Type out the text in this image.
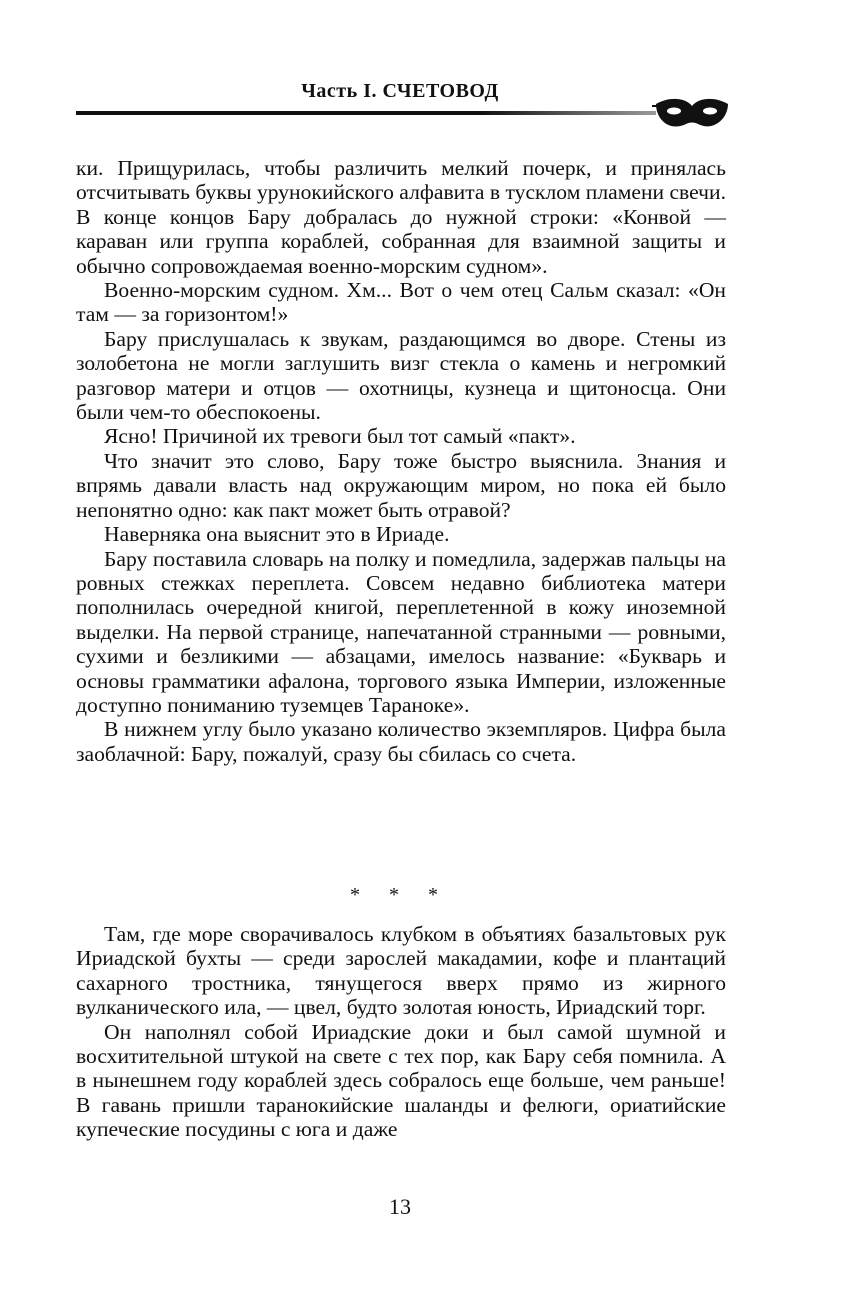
Часть I. СЧЕТОВОД

ки. Прищурилась, чтобы различить мелкий почерк, и принялась отсчитывать буквы урунокийского алфавита в тусклом пламени свечи. В конце концов Бару добралась до нужной строки: «Конвой — караван или группа кораблей, собранная для взаимной защиты и обычно сопровождаемая военно-морским судном».

Военно-морским судном. Хм... Вот о чем отец Сальм сказал: «Он там — за горизонтом!»

Бару прислушалась к звукам, раздающимся во дворе. Стены из золобетона не могли заглушить визг стекла о камень и негромкий разговор матери и отцов — охотницы, кузнеца и щитоносца. Они были чем-то обеспокоены.

Ясно! Причиной их тревоги был тот самый «пакт».

Что значит это слово, Бару тоже быстро выяснила. Знания и впрямь давали власть над окружающим миром, но пока ей было непонятно одно: как пакт может быть отравой?

Наверняка она выяснит это в Ириаде.

Бару поставила словарь на полку и помедлила, задержав пальцы на ровных стежках переплета. Совсем недавно библиотека матери пополнилась очередной книгой, переплетенной в кожу иноземной выделки. На первой странице, напечатанной странными — ровными, сухими и безликими — абзацами, имелось название: «Букварь и основы грамматики афалона, торгового языка Империи, изложенные доступно пониманию туземцев Тараноке».

В нижнем углу было указано количество экземпляров. Цифра была заоблачной: Бару, пожалуй, сразу бы сбилась со счета.

* * *

Там, где море сворачивалось клубком в объятиях базальтовых рук Ириадской бухты — среди зарослей макадамии, кофе и плантаций сахарного тростника, тянущегося вверх прямо из жирного вулканического ила, — цвел, будто золотая юность, Ириадский торг.

Он наполнял собой Ириадские доки и был самой шумной и восхитительной штукой на свете с тех пор, как Бару себя помнила. А в нынешнем году кораблей здесь собралось еще больше, чем раньше! В гавань пришли таранокийские шаланды и фелюги, ориатийские купеческие посудины с юга и даже

13
